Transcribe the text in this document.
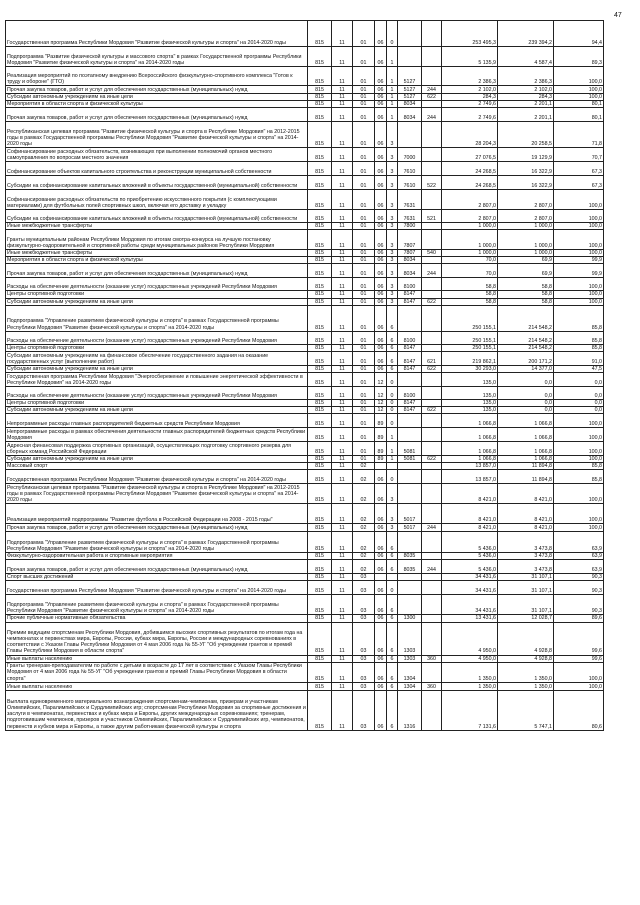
47
Государственная программа Республики Мордовия "Развитие физической культуры и спорта" на 2014-2020 годы	815	11	01	06	0			253 495,3	239 394,2	94,4
Подпрограмма "Развитие физической культуры и массового спорта" в рамках Государственной программы Республики Мордовия "Развитие физической культуры и спорта" на 2014-2020 годы	815	11	01	06	1			5 135,9	4 587,4	89,3
Реализация мероприятий по поэтапному внедрению Всероссийского физкультурно-спортивного комплекса "Готов к труду и обороне" (ГТО)	815	11	01	06	1	5127		2 386,3	2 386,3	100,0
Прочая закупка товаров, работ и услуг для обеспечения государственных (муниципальных) нужд	815	11	01	06	1	5127	244	2 102,0	2 102,0	100,0
Субсидии автономным учреждениям на иные цели	815	11	01	06	1	5127	622	284,3	284,3	100,0
Мероприятия в области спорта и физической культуры	815	11	01	06	1	8034		2 749,6	2 201,1	80,1
Прочая закупка товаров, работ и услуг для обеспечения государственных (муниципальных) нужд	815	11	01	06	1	8034	244	2 749,6	2 201,1	80,1
Республиканская целевая программа "Развитие физической культуры и спорта в Республике Мордовия" на 2012-2015 годы в рамках Государственной программы Республики Мордовия "Развитие физической культуры и спорта" на 2014-2020 годы	815	11	01	06	3			28 204,3	20 258,5	71,8
Софинансирование расходных обязательств, возникающих при выполнении полномочий органов местного самоуправления по вопросам местного значения	815	11	01	06	3	7000		27 076,5	19 129,9	70,7
Софинансирование объектов капитального строительства и реконструкции муниципальной собственности	815	11	01	06	3	7610		24 268,5	16 322,9	67,3
Субсидии на софинансирование капитальных вложений в объекты государственной (муниципальной) собственности	815	11	01	06	3	7610	522	24 268,5	16 322,9	67,3
Софинансирование расходных обязательств по приобретению искусственного покрытия (с комплектующими материалами) для футбольных полей спортивных школ, включая его доставку и укладку	815	11	01	06	3	7631		2 807,0	2 807,0	100,0
Субсидии на софинансирование капитальных вложений в объекты государственной (муниципальной) собственности	815	11	01	06	3	7631	521	2 807,0	2 807,0	100,0
Иные межбюджетные трансферты	815	11	01	06	3	7800		1 000,0	1 000,0	100,0
Гранты муниципальным районам Республики Мордовия по итогам смотра-конкурса на лучшую постановку физкультурно-оздоровительной и спортивной работы среди муниципальных районов Республики Мордовия	815	11	01	06	3	7807		1 000,0	1 000,0	100,0
Иные межбюджетные трансферты	815	11	01	06	3	7807	540	1 000,0	1 000,0	100,0
Мероприятия в области спорта и физической культуры	815	11	01	06	3	8034		70,0	69,9	99,9
Прочая закупка товаров, работ и услуг для обеспечения государственных (муниципальных) нужд	815	11	01	06	3	8034	244	70,0	69,9	99,9
Расходы на обеспечение деятельности (оказание услуг) государственных учреждений Республики Мордовия	815	11	01	06	3	8100		58,8	58,8	100,0
Центры спортивной подготовки	815	11	01	06	3	8147		58,8	58,8	100,0
Субсидии автономным учреждениям на иные цели	815	11	01	06	3	8147	622	58,8	58,8	100,0
Подпрограмма "Управление развитием физической культуры и спорта" в рамках Государственной программы Республики Мордовия "Развитие физической культуры и спорта" на 2014-2020 годы	815	11	01	06	6			250 155,1	214 548,2	85,8
Расходы на обеспечение деятельности (оказание услуг) государственных учреждений Республики Мордовия	815	11	01	06	6	8100		250 155,1	214 548,2	85,8
Центры спортивной подготовки	815	11	01	06	6	8147		250 155,1	214 548,2	85,8
Субсидии автономным учреждениям на финансовое обеспечение государственного задания на оказание государственных услуг (выполнение работ)	815	11	01	06	6	8147	621	219 862,1	200 171,2	91,0
Субсидии автономным учреждениям на иные цели	815	11	01	06	6	8147	622	30 293,0	14 377,0	47,5
Государственная программа Республики Мордовия "Энергосбережение и повышение энергетической эффективности в Республике Мордовия" на 2014-2020 годы	815	11	01	12	0			135,0	0,0	0,0
Расходы на обеспечение деятельности (оказание услуг) государственных учреждений Республики Мордовия	815	11	01	12	0	8100		135,0	0,0	0,0
Центры спортивной подготовки	815	11	01	12	0	8147		135,0	0,0	0,0
Субсидии автономным учреждениям на иные цели	815	11	01	12	0	8147	622	135,0	0,0	0,0
Непрограммные расходы главных распорядителей бюджетных средств Республики Мордовия	815	11	01	89	0			1 066,8	1 066,8	100,0
Непрограммные расходы в рамках обеспечения деятельности главных распорядителей бюджетных средств Республики Мордовия	815	11	01	89	1			1 066,8	1 066,8	100,0
Адресная финансовая поддержка спортивных организаций, осуществляющих подготовку спортивного резерва для сборных команд Российской Федерации	815	11	01	89	1	5081		1 066,8	1 066,8	100,0
Субсидии автономным учреждениям на иные цели	815	11	01	89	1	5081	622	1 066,8	1 066,8	100,0
Массовый спорт	815	11	02					13 857,0	11 894,8	85,8
Государственная программа Республики Мордовия "Развитие физической культуры и спорта" на 2014-2020 годы	815	11	02	06	0			13 857,0	11 894,8	85,8
Республиканская целевая программа "Развитие физической культуры и спорта в Республике Мордовия" на 2012-2015 годы в рамках Государственной программы Республики Мордовия "Развитие физической культуры и спорта" на 2014-2020 годы	815	11	02	06	3			8 421,0	8 421,0	100,0
Реализация мероприятий подпрограммы "Развитие футбола в Российской Федерации на 2008 - 2015 годы"	815	11	02	06	3	5017		8 421,0	8 421,0	100,0
Прочая закупка товаров, работ и услуг для обеспечения государственных (муниципальных) нужд	815	11	02	06	3	5017	244	8 421,0	8 421,0	100,0
Подпрограмма "Управление развитием физической культуры и спорта" в рамках Государственной программы Республики Мордовия "Развитие физической культуры и спорта" на 2014-2020 годы	815	11	02	06	6			5 436,0	3 473,8	63,9
Физкультурно-оздоровительная работа и спортивные мероприятия	815	11	02	06	6	8035		5 436,0	3 473,8	63,9
Прочая закупка товаров, работ и услуг для обеспечения государственных (муниципальных) нужд	815	11	02	06	6	8035	244	5 436,0	3 473,8	63,9
Спорт высших достижений	815	11	03					34 431,6	31 107,1	90,3
Государственная программа Республики Мордовия "Развитие физической культуры и спорта" на 2014-2020 годы	815	11	03	06	0			34 431,6	31 107,1	90,3
Подпрограмма "Управление развитием физической культуры и спорта" в рамках Государственной программы Республики Мордовия "Развитие физической культуры и спорта" на 2014-2020 годы	815	11	03	06	6			34 431,6	31 107,1	90,3
Прочие публичные нормативные обязательства	815	11	03	06	6	1300		13 431,6	12 028,7	89,6
Премии ведущим спортсменам Республики Мордовия, добившимся высоких спортивных результатов по итогам года на чемпионатах и первенствах мира, Европы, России, кубках мира, Европы, России и международных соревнованиях в соответствии с Указом Главы Республики Мордовия от 4 мая 2006 года № 55-УГ "Об учреждении грантов и премий Главы Республики Мордовия в области спорта"	815	11	03	06	6	1303		4 950,0	4 928,8	99,6
Иные выплаты населению	815	11	03	06	6	1303	360	4 950,0	4 928,8	99,6
Гранты тренерам-преподавателям по работе с детьми в возрасте до 17 лет в соответствии с Указом Главы Республики Мордовия от 4 мая 2006 года № 55-УГ "Об учреждении грантов и премий Главы Республики Мордовия в области спорта"	815	11	03	06	6	1304		1 350,0	1 350,0	100,0
Иные выплаты населению	815	11	03	06	6	1304	360	1 350,0	1 350,0	100,0
Выплата единовременного материального вознаграждения спортсменам-чемпионам, призерам и участникам Олимпийских, Паралимпийских и Сурдлимпийских игр; спортсменам Республики Мордовия за спортивные достижения и заслуги в чемпионатах, первенствах и кубках мира и Европы, других международных соревнованиях; тренерам, подготовившим чемпионов, призеров и участников Олимпийских, Паралимпийских и Сурдлимпийских игр, чемпионатов, первенств и кубков мира и Европы, а также другим работникам физической культуры и спорта	815	11	03	06	6	1316		7 131,6	5 747,1	80,6
